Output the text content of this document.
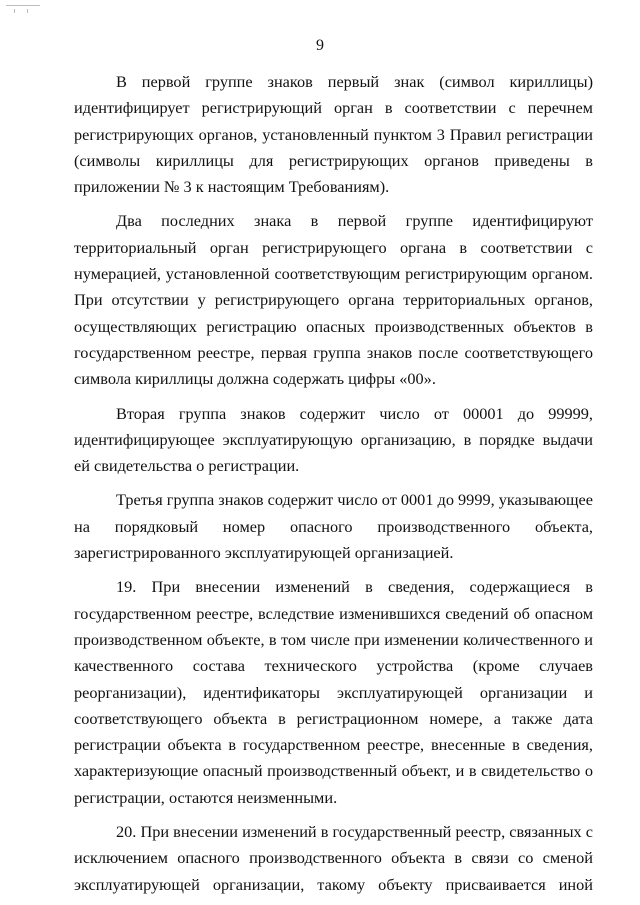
9

В первой группе знаков первый знак (символ кириллицы) идентифицирует регистрирующий орган в соответствии с перечнем регистрирующих органов, установленный пунктом 3 Правил регистрации (символы кириллицы для регистрирующих органов приведены в приложении № 3 к настоящим Требованиям).

Два последних знака в первой группе идентифицируют территориальный орган регистрирующего органа в соответствии с нумерацией, установленной соответствующим регистрирующим органом. При отсутствии у регистрирующего органа территориальных органов, осуществляющих регистрацию опасных производственных объектов в государственном реестре, первая группа знаков после соответствующего символа кириллицы должна содержать цифры «00».

Вторая группа знаков содержит число от 00001 до 99999, идентифицирующее эксплуатирующую организацию, в порядке выдачи ей свидетельства о регистрации.

Третья группа знаков содержит число от 0001 до 9999, указывающее на порядковый номер опасного производственного объекта, зарегистрированного эксплуатирующей организацией.

19. При внесении изменений в сведения, содержащиеся в государственном реестре, вследствие изменившихся сведений об опасном производственном объекте, в том числе при изменении количественного и качественного состава технического устройства (кроме случаев реорганизации), идентификаторы эксплуатирующей организации и соответствующего объекта в регистрационном номере, а также дата регистрации объекта в государственном реестре, внесенные в сведения, характеризующие опасный производственный объект, и в свидетельство о регистрации, остаются неизменными.

20. При внесении изменений в государственный реестр, связанных с исключением опасного производственного объекта в связи со сменой эксплуатирующей организации, такому объекту присваивается иной
